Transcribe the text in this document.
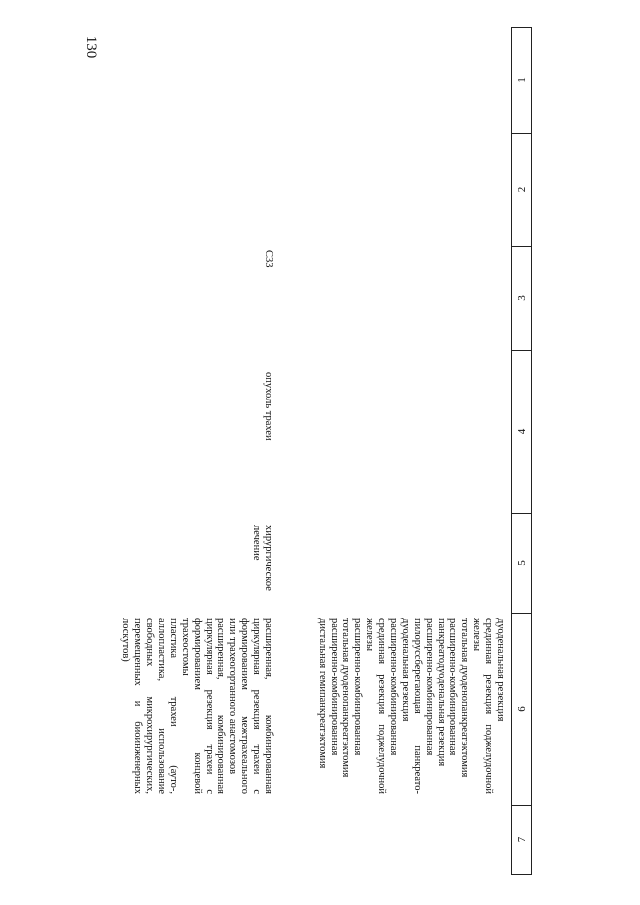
130
1
2
3
4
5
6
7
дуоденальная резекция
срединная
резекция
поджелудочной
железы
тотальная дуоденопанкреатэктомия
расширенно-комбинированная
панкреатодуоденальная резекция
расширенно-комбинированная
пилоруссберегающая
панкреато-
дуоденальная резекция
расширенно-комбинированная
срединная
резекция
поджелудочной
железы
расширенно-комбинированная
тотальная дуоденопанкреатэктомия
расширенно-комбинированная
дистальная гемипанкреатэктомия
С33
опухоль трахеи
хирургическое
лечение
расширенная,
комбинированная
циркулярная
резекция
трахеи
с
формированием
межтрахеального
или трахеогортанного анастомозов
расширенная,
комбинированная
циркулярная
резекция
трахеи
с
формированием
концевой
трахеостомы
пластика
трахеи
(ауто-,
аллопластика,
использование
свободных
микрохирургических,
перемещенных
и
биоинженерных
лоскутов)
